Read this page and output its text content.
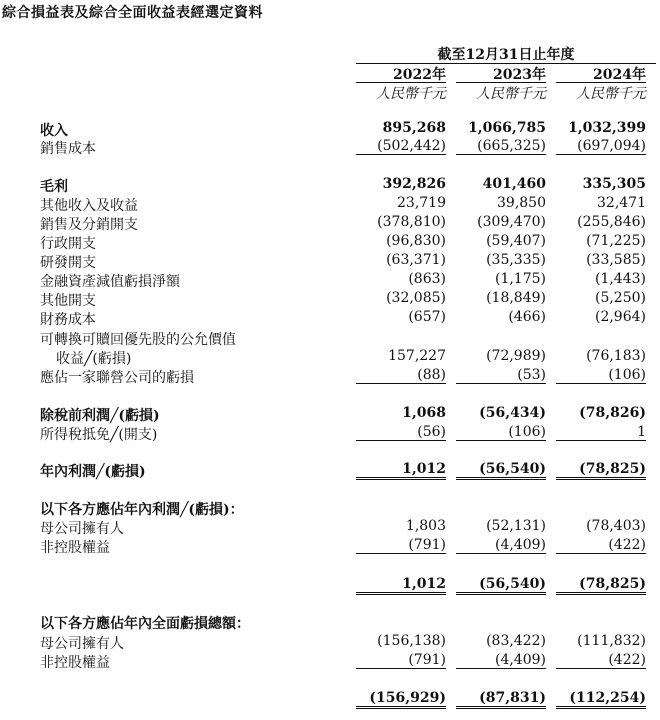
綜合損益表及綜合全面收益表經選定資料
截至12月31日止年度
2022年	2023年	2024年
人民幣千元	人民幣千元	人民幣千元
收入	895,268	1,066,785	1,032,399
銷售成本	(502,442)	(665,325)	(697,094)
毛利	392,826	401,460	335,305
其他收入及收益	23,719	39,850	32,471
銷售及分銷開支	(378,810)	(309,470)	(255,846)
行政開支	(96,830)	(59,407)	(71,225)
研發開支	(63,371)	(35,335)	(33,585)
金融資產減值虧損淨額	(863)	(1,175)	(1,443)
其他開支	(32,085)	(18,849)	(5,250)
財務成本	(657)	(466)	(2,964)
可轉換可贖回優先股的公允價值
收益╱(虧損)	157,227	(72,989)	(76,183)
應佔一家聯營公司的虧損	(88)	(53)	(106)
除稅前利潤╱(虧損)	1,068	(56,434)	(78,826)
所得稅抵免╱(開支)	(56)	(106)	1
年內利潤╱(虧損)	1,012	(56,540)	(78,825)
以下各方應佔年內利潤╱(虧損)：
母公司擁有人	1,803	(52,131)	(78,403)
非控股權益	(791)	(4,409)	(422)
1,012	(56,540)	(78,825)
以下各方應佔年內全面虧損總額：
母公司擁有人	(156,138)	(83,422)	(111,832)
非控股權益	(791)	(4,409)	(422)
(156,929)	(87,831)	(112,254)
